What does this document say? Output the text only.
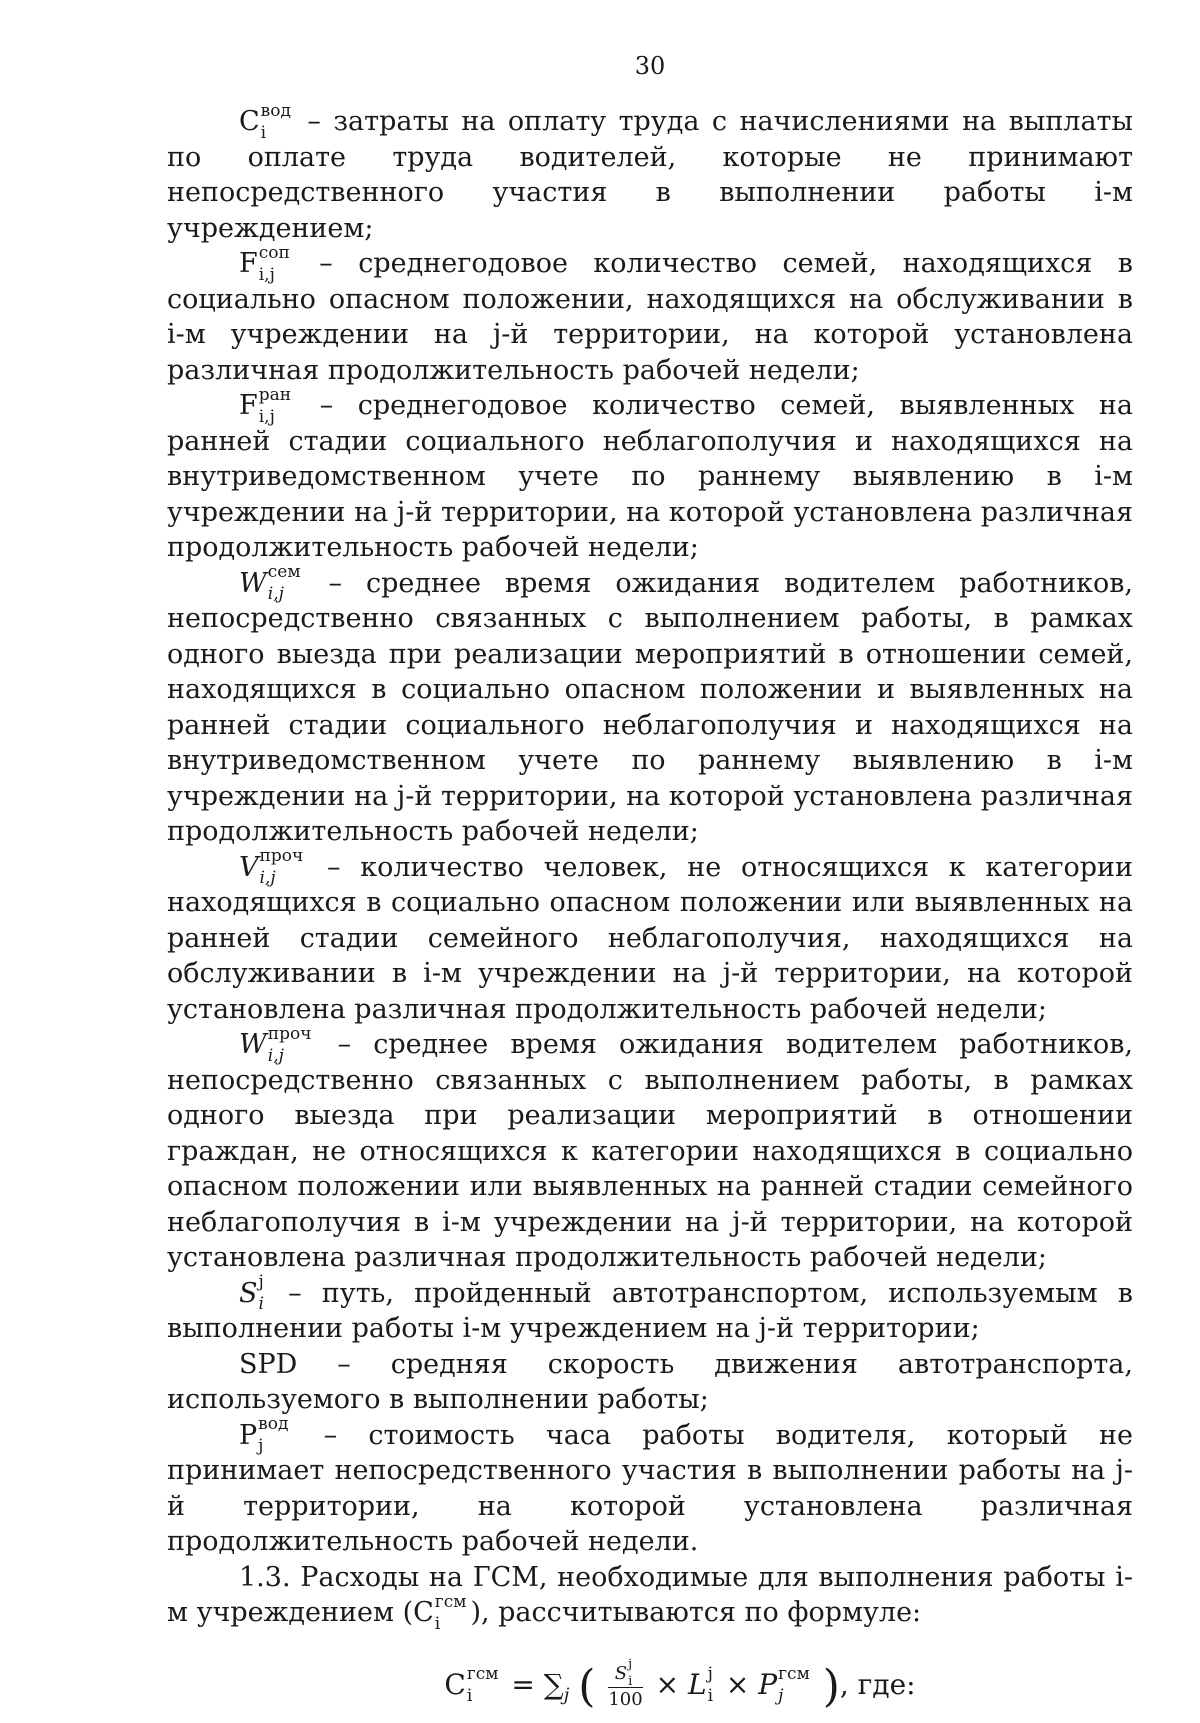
30

C вод
i	– затраты на оплату труда с начислениями на выплаты по оплате труда водителей, которые не принимают непосредственного участия в выполнении работы i-м учреждением;

F соп
i,j	– среднегодовое количество семей, находящихся в социально опасном положении, находящихся на обслуживании в i-м учреждении на j-й территории, на которой установлена различная продолжительность рабочей недели;

F ран
i,j	– среднегодовое количество семей, выявленных на ранней стадии социального неблагополучия и находящихся на внутриведомственном учете по раннему выявлению в i-м учреждении на j-й территории, на которой установлена различная продолжительность рабочей недели;

W сем
i,j	– среднее время ожидания водителем работников, непосредственно связанных с выполнением работы, в рамках одного выезда при реализации мероприятий в отношении семей, находящихся в социально опасном положении и выявленных на ранней стадии социального неблагополучия и находящихся на внутриведомственном учете по раннему выявлению в i-м учреждении на j-й территории, на которой установлена различная продолжительность рабочей недели;

V проч
i,j	– количество человек, не относящихся к категории находящихся в социально опасном положении или выявленных на ранней стадии семейного неблагополучия, находящихся на обслуживании в i-м учреждении на j-й территории, на которой установлена различная продолжительность рабочей недели;

W проч
i,j	– среднее время ожидания водителем работников, непосредственно связанных с выполнением работы, в рамках одного выезда при реализации мероприятий в отношении граждан, не относящихся к категории находящихся в социально опасном положении или выявленных на ранней стадии семейного неблагополучия в i-м учреждении на j-й территории, на которой установлена различная продолжительность рабочей недели;

S j
i – путь, пройденный автотранспортом, используемым в выполнении работы i-м учреждением на j-й территории;

SPD – средняя скорость движения автотранспорта, используемого в выполнении работы;

P вод
j	– стоимость часа работы водителя, который не принимает непосредственного участия в выполнении работы на j-й территории, на которой установлена различная продолжительность рабочей недели.

1.3. Расходы на ГСМ, необходимые для выполнения работы i-м учреждением (C гсм
i	), рассчитываются по формуле:

C гсм
i	= $\sum_j$ ( S j
i
100 × L j
i × P гсм
j ), где:
